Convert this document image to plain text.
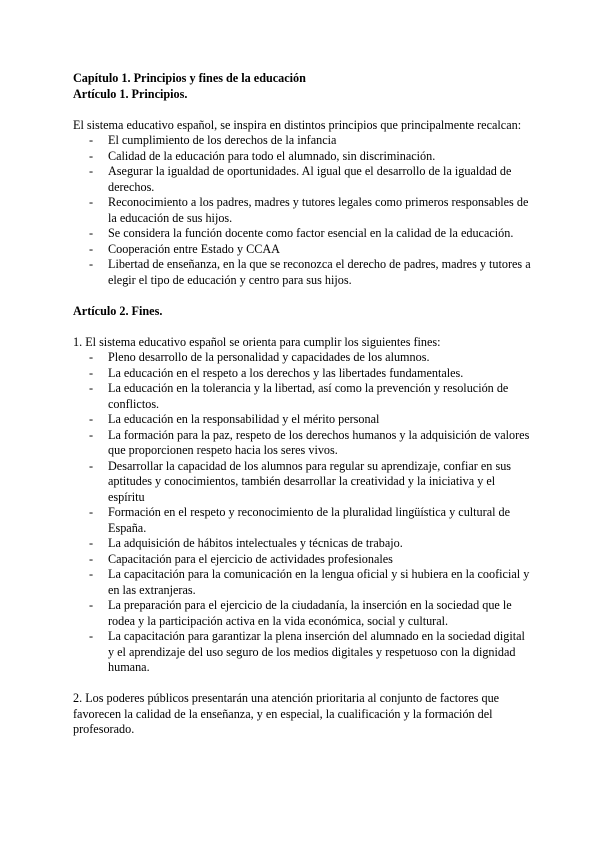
Capítulo 1. Principios y fines de la educación

Artículo 1. Principios.

El sistema educativo español, se inspira en distintos principios que principalmente recalcan:

- El cumplimiento de los derechos de la infancia
- Calidad de la educación para todo el alumnado, sin discriminación.
- Asegurar la igualdad de oportunidades. Al igual que el desarrollo de la igualdad de derechos.
- Reconocimiento a los padres, madres y tutores legales como primeros responsables de la educación de sus hijos.
- Se considera la función docente como factor esencial en la calidad de la educación.
- Cooperación entre Estado y CCAA
- Libertad de enseñanza, en la que se reconozca el derecho de padres, madres y tutores a elegir el tipo de educación y centro para sus hijos.

Artículo 2. Fines.

1. El sistema educativo español se orienta para cumplir los siguientes fines:

- Pleno desarrollo de la personalidad y capacidades de los alumnos.
- La educación en el respeto a los derechos y las libertades fundamentales.
- La educación en la tolerancia y la libertad, así como la prevención y resolución de conflictos.
- La educación en la responsabilidad y el mérito personal
- La formación para la paz, respeto de los derechos humanos y la adquisición de valores que proporcionen respeto hacia los seres vivos.
- Desarrollar la capacidad de los alumnos para regular su aprendizaje, confiar en sus aptitudes y conocimientos, también desarrollar la creatividad y la iniciativa y el espíritu
- Formación en el respeto y reconocimiento de la pluralidad lingüística y cultural de España.
- La adquisición de hábitos intelectuales y técnicas de trabajo.
- Capacitación para el ejercicio de actividades profesionales
- La capacitación para la comunicación en la lengua oficial y si hubiera en la cooficial y en las extranjeras.
- La preparación para el ejercicio de la ciudadanía, la inserción en la sociedad que le rodea y la participación activa en la vida económica, social y cultural.
- La capacitación para garantizar la plena inserción del alumnado en la sociedad digital y el aprendizaje del uso seguro de los medios digitales y respetuoso con la dignidad humana.

2. Los poderes públicos presentarán una atención prioritaria al conjunto de factores que favorecen la calidad de la enseñanza, y en especial, la cualificación y la formación del profesorado.
